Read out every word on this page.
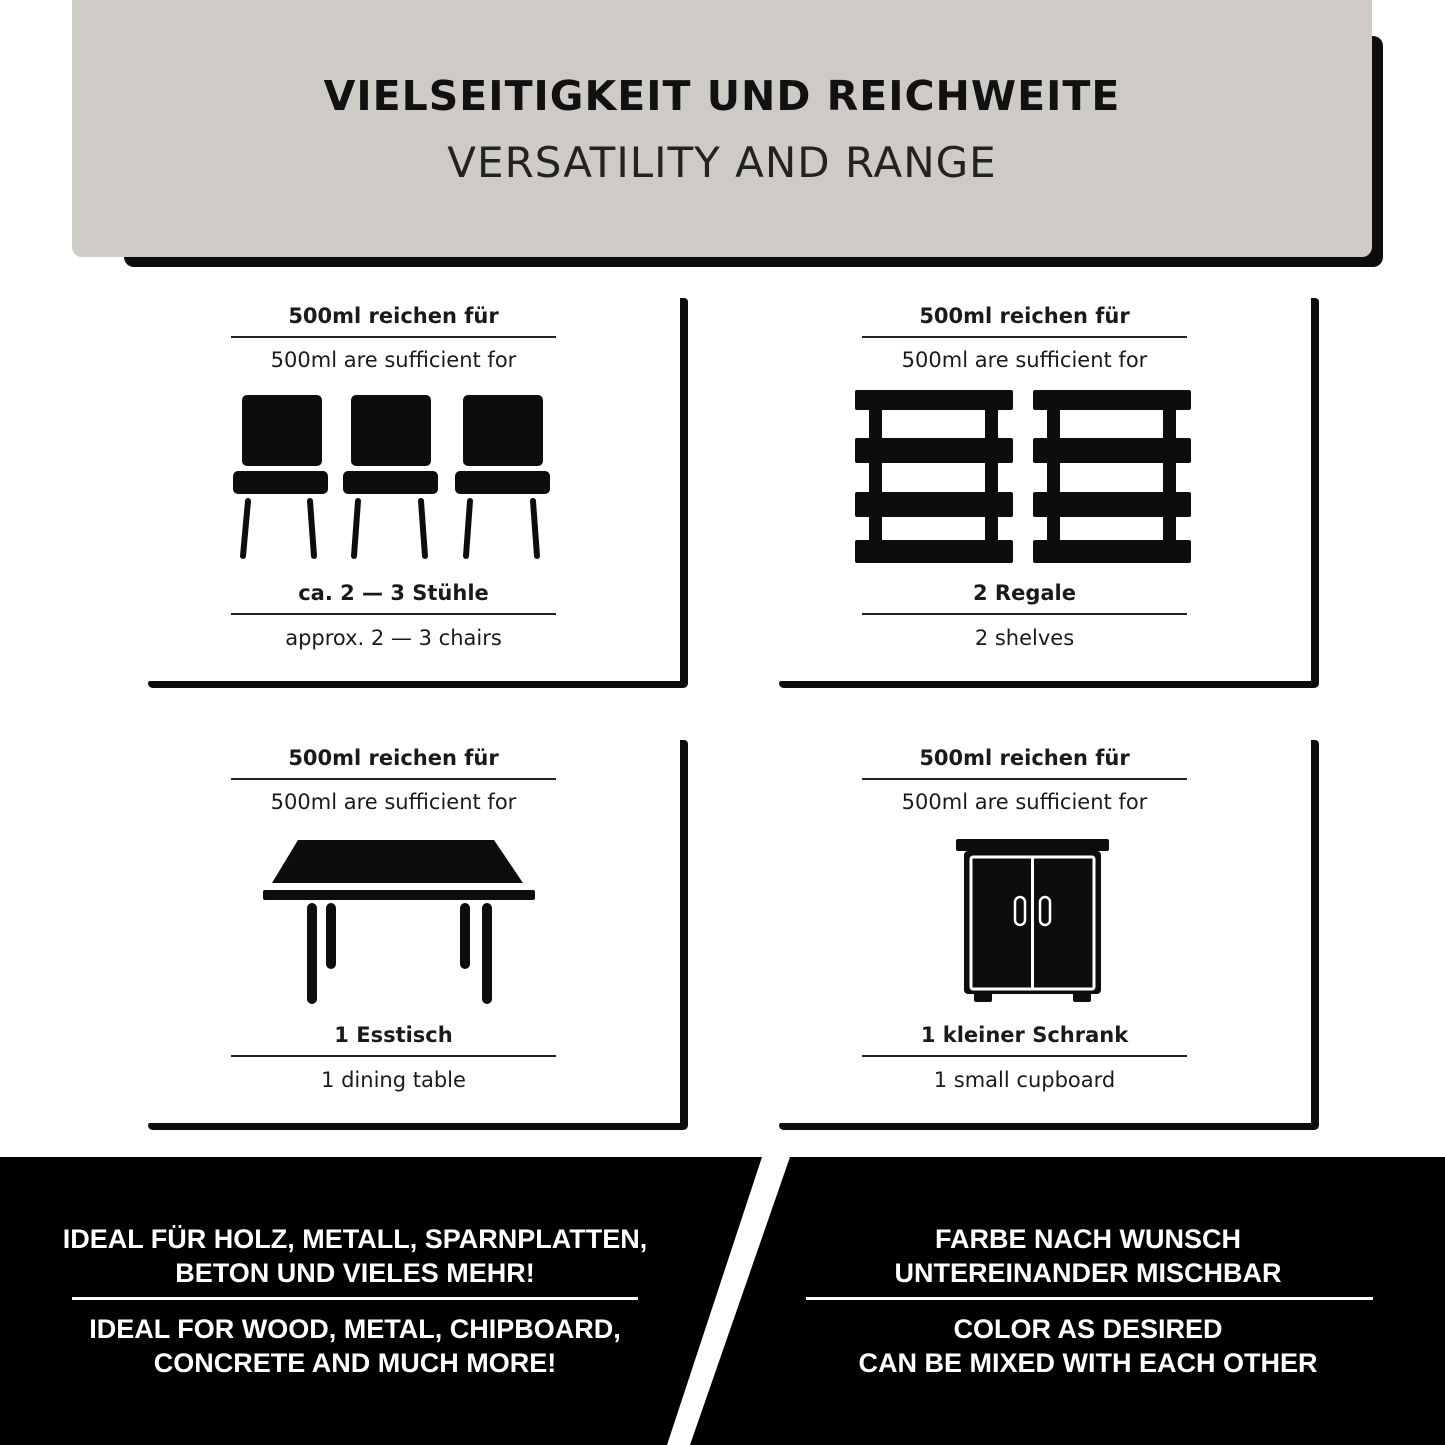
VIELSEITIGKEIT UND REICHWEITE
VERSATILITY AND RANGE
500ml reichen für
500ml are sufficient for
ca. 2 — 3 Stühle
approx. 2 — 3 chairs
500ml reichen für
500ml are sufficient for
2 Regale
2 shelves
500ml reichen für
500ml are sufficient for
1 Esstisch
1 dining table
500ml reichen für
500ml are sufficient for
1 kleiner Schrank
1 small cupboard
IDEAL FÜR HOLZ, METALL, SPARNPLATTEN,
BETON UND VIELES MEHR!
IDEAL FOR WOOD, METAL, CHIPBOARD,
CONCRETE AND MUCH MORE!
FARBE NACH WUNSCH
UNTEREINANDER MISCHBAR
COLOR AS DESIRED
CAN BE MIXED WITH EACH OTHER
